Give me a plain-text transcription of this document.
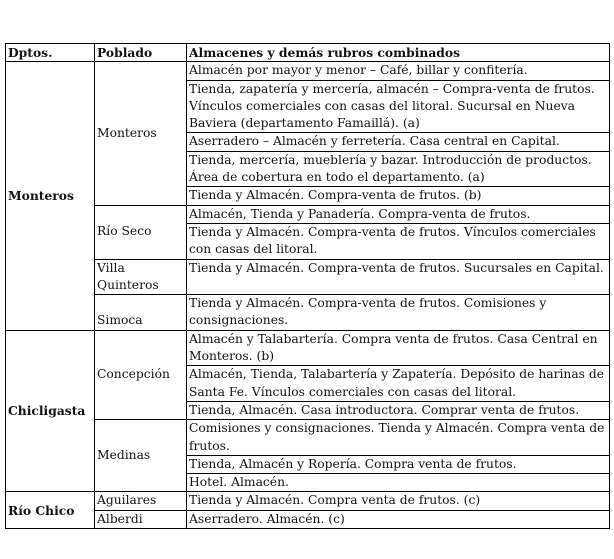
Dptos.	Poblado	Almacenes y demás rubros combinados
Monteros	Monteros	Almacén por mayor y menor – Café, billar y confitería.
		Tienda, zapatería y mercería, almacén – Compra-venta de frutos. Vínculos comerciales con casas del litoral. Sucursal en Nueva Baviera (departamento Famaillá). (a)
		Aserradero – Almacén y ferretería. Casa central en Capital.
		Tienda, mercería, mueblería y bazar. Introducción de productos. Área de cobertura en todo el departamento. (a)
		Tienda y Almacén. Compra-venta de frutos. (b)
	Río Seco	Almacén, Tienda y Panadería. Compra-venta de frutos.
		Tienda y Almacén. Compra-venta de frutos. Vínculos comerciales con casas del litoral.
	Villa Quinteros	Tienda y Almacén. Compra-venta de frutos. Sucursales en Capital.
	Simoca	Tienda y Almacén. Compra-venta de frutos. Comisiones y consignaciones.
Chicligasta	Concepción	Almacén y Talabartería. Compra venta de frutos. Casa Central en Monteros. (b)
		Almacén, Tienda, Talabartería y Zapatería. Depósito de harinas de Santa Fe. Vínculos comerciales con casas del litoral.
		Tienda, Almacén. Casa introductora. Comprar venta de frutos.
	Medinas	Comisiones y consignaciones. Tienda y Almacén. Compra venta de frutos.
		Tienda, Almacén y Ropería. Compra venta de frutos.
		Hotel. Almacén.
Río Chico	Aguilares	Tienda y Almacén. Compra venta de frutos. (c)
	Alberdi	Aserradero. Almacén. (c)
